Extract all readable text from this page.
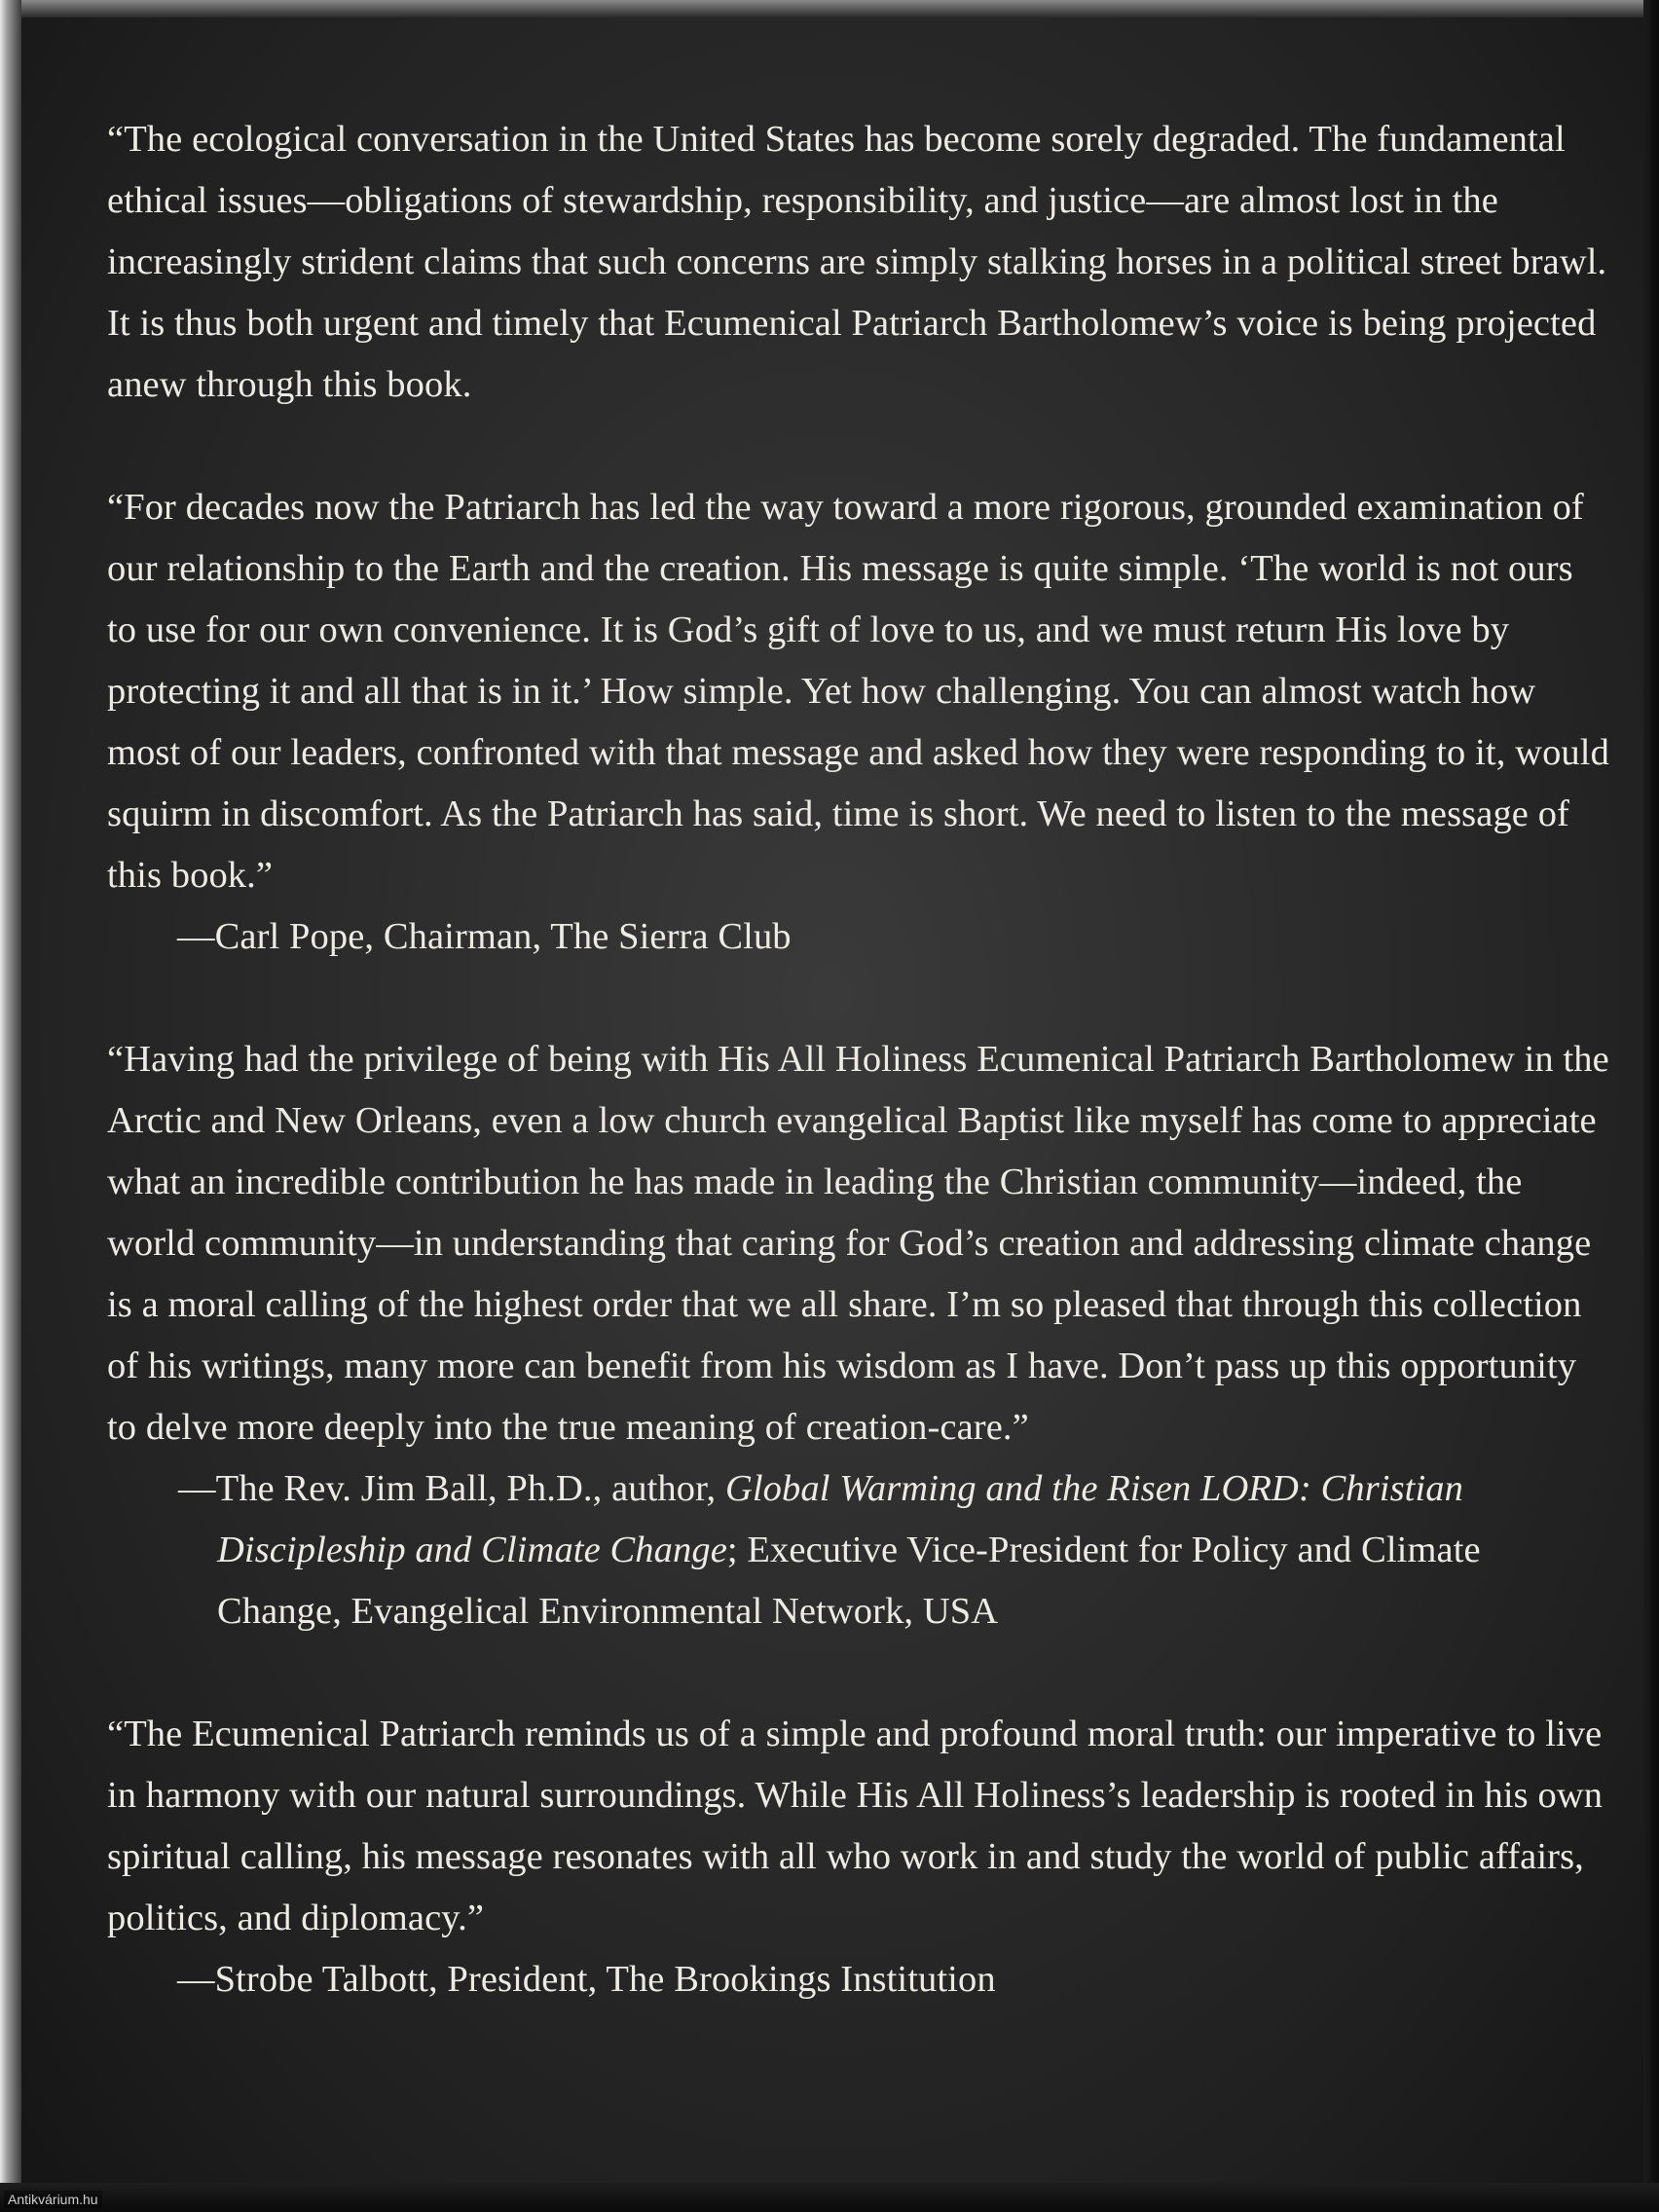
“The ecological conversation in the United States has become sorely degraded. The fundamental ethical issues—obligations of stewardship, responsibility, and justice—are almost lost in the increasingly strident claims that such concerns are simply stalking horses in a political street brawl. It is thus both urgent and timely that Ecumenical Patriarch Bartholomew’s voice is being projected anew through this book.

“For decades now the Patriarch has led the way toward a more rigorous, grounded examination of our relationship to the Earth and the creation. His message is quite simple. ‘The world is not ours to use for our own convenience. It is God’s gift of love to us, and we must return His love by protecting it and all that is in it.’ How simple. Yet how challenging. You can almost watch how most of our leaders, confronted with that message and asked how they were responding to it, would squirm in discomfort. As the Patriarch has said, time is short. We need to listen to the message of this book.”

—Carl Pope, Chairman, The Sierra Club

“Having had the privilege of being with His All Holiness Ecumenical Patriarch Bartholomew in the Arctic and New Orleans, even a low church evangelical Baptist like myself has come to appreciate what an incredible contribution he has made in leading the Christian community—indeed, the world community—in understanding that caring for God’s creation and addressing climate change is a moral calling of the highest order that we all share. I’m so pleased that through this collection of his writings, many more can benefit from his wisdom as I have. Don’t pass up this opportunity to delve more deeply into the true meaning of creation-care.”

—The Rev. Jim Ball, Ph.D., author, Global Warming and the Risen LORD: Christian Discipleship and Climate Change; Executive Vice-President for Policy and Climate Change, Evangelical Environmental Network, USA

“The Ecumenical Patriarch reminds us of a simple and profound moral truth: our imperative to live in harmony with our natural surroundings. While His All Holiness’s leadership is rooted in his own spiritual calling, his message resonates with all who work in and study the world of public affairs, politics, and diplomacy.”

—Strobe Talbott, President, The Brookings Institution

Antikvárium.hu
